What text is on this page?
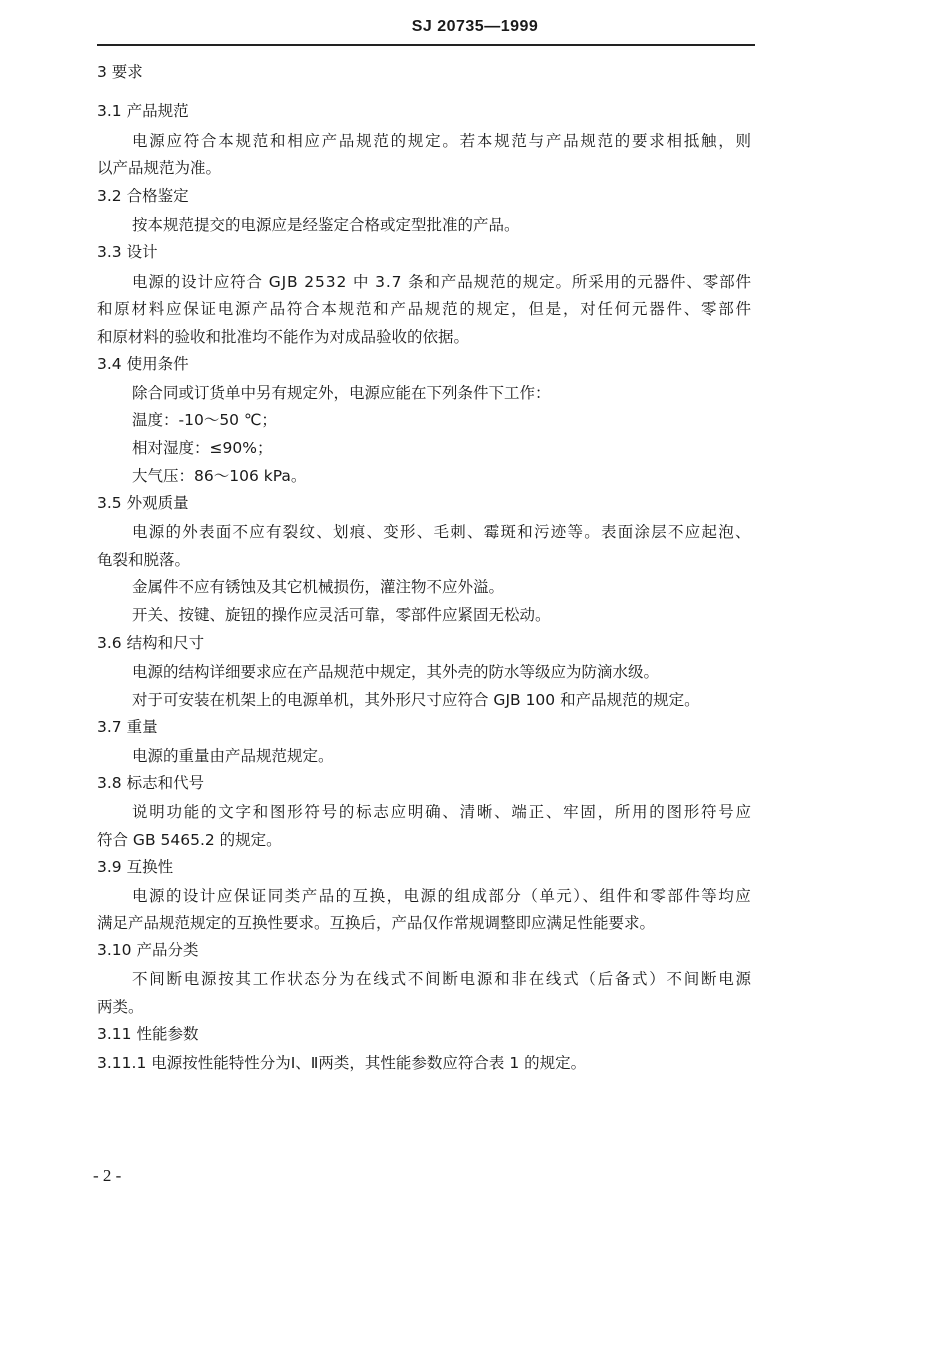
SJ 20735—1999
3 要求
3.1 产品规范
电源应符合本规范和相应产品规范的规定。若本规范与产品规范的要求相抵触，则
以产品规范为准。
3.2 合格鉴定
按本规范提交的电源应是经鉴定合格或定型批准的产品。
3.3 设计
电源的设计应符合 GJB 2532 中 3.7 条和产品规范的规定。所采用的元器件、零部件
和原材料应保证电源产品符合本规范和产品规范的规定，但是，对任何元器件、零部件
和原材料的验收和批准均不能作为对成品验收的依据。
3.4 使用条件
除合同或订货单中另有规定外，电源应能在下列条件下工作：
温度：-10～50 ℃；
相对湿度：≤90%；
大气压：86～106 kPa。
3.5 外观质量
电源的外表面不应有裂纹、划痕、变形、毛刺、霉斑和污迹等。表面涂层不应起泡、
龟裂和脱落。
金属件不应有锈蚀及其它机械损伤，灌注物不应外溢。
开关、按键、旋钮的操作应灵活可靠，零部件应紧固无松动。
3.6 结构和尺寸
电源的结构详细要求应在产品规范中规定，其外壳的防水等级应为防滴水级。
对于可安装在机架上的电源单机，其外形尺寸应符合 GJB 100 和产品规范的规定。
3.7 重量
电源的重量由产品规范规定。
3.8 标志和代号
说明功能的文字和图形符号的标志应明确、清晰、端正、牢固，所用的图形符号应
符合 GB 5465.2 的规定。
3.9 互换性
电源的设计应保证同类产品的互换，电源的组成部分（单元）、组件和零部件等均应
满足产品规范规定的互换性要求。互换后，产品仅作常规调整即应满足性能要求。
3.10 产品分类
不间断电源按其工作状态分为在线式不间断电源和非在线式（后备式）不间断电源
两类。
3.11 性能参数
3.11.1 电源按性能特性分为Ⅰ、Ⅱ两类，其性能参数应符合表 1 的规定。
- 2 -
